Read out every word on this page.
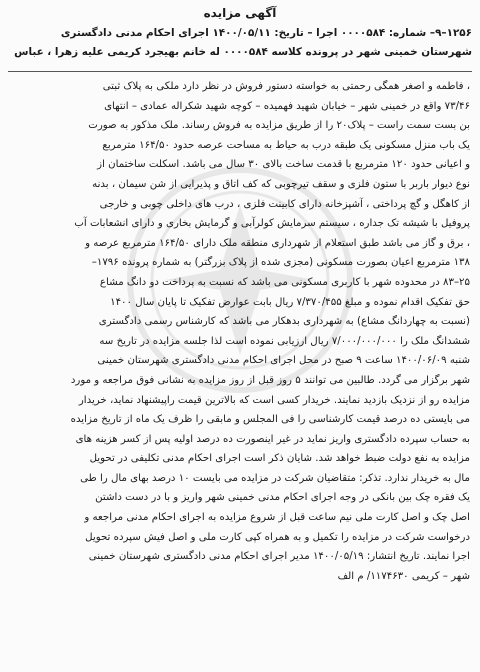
آگهی مزایده
۱۲۵۶–۹– شماره: ۰۰۰۰۵۸۴ اجرا – تاریخ: ۱۴۰۰/۰۵/۱۱ اجرای احکام مدنی دادگستری
شهرستان خمینی شهر در پرونده کلاسه ۰۰۰۰۵۸۴ له خانم بهیجرد کریمی علیه زهرا ، عباس
، فاطمه و اصغر همگی رحمتی به خواسته دستور فروش در نظر دارد ملکی به پلاک ثبتی
۷۳/۴۶ واقع در خمینی شهر – خیابان شهید فهمیده – کوچه شهید شکراله عمادی – انتهای
بن بست سمت راست – پلاک۲۰ را از طریق مزایده به فروش رساند. ملک مذکور به صورت
یک باب منزل مسکونی یک طبقه درب به حیاط به مساحت عرصه حدود ۱۶۴/۵۰ مترمربع
و اعیانی حدود ۱۲۰ مترمربع با قدمت ساخت بالای ۳۰ سال می باشد. اسکلت ساختمان از
نوع دیوار باربر با ستون فلزی و سقف تیرچوبی که کف اتاق و پذیرایی از شن سیمان ، بدنه
از کاهگل و گچ پرداختی ، آشپزخانه دارای کابینت فلزی ، درب های داخلی چوبی و خارجی
پروفیل با شیشه تک جداره ، سیستم سرمایش کولرآبی و گرمایش بخاری و دارای انشعابات آب
، برق و گاز می باشد طبق استعلام از شهرداری منطقه ملک دارای ۱۶۴/۵۰ مترمربع عرصه و
۱۳۸ مترمربع اعیان بصورت مسکونی (مجزی شده از پلاک بزرگتر) به شماره پرونده ۱۷۹۶–
۲۵–۸۳ در محدوده شهر با کاربری مسکونی می باشد که نسبت به پرداخت دو دانگ مشاع
حق تفکیک اقدام نموده و مبلغ ۷/۳۷۰/۴۵۵ ریال بابت عوارض تفکیک تا پایان سال ۱۴۰۰
(نسبت به چهاردانگ مشاع) به شهرداری بدهکار می باشد که کارشناس رسمی دادگستری
ششدانگ ملک را ۷/۰۰۰/۰۰۰/۰۰۰ ریال ارزیابی نموده است لذا جلسه مزایده در تاریخ سه
شنبه ۱۴۰۰/۰۶/۰۹ ساعت ۹ صبح در محل اجرای احکام مدنی دادگستری شهرستان خمینی
شهر برگزار می گردد. طالبین می توانند ۵ روز قبل از روز مزایده به نشانی فوق مراجعه و مورد
مزایده رو از نزدیک بازدید نمایند. خریدار کسی است که بالاترین قیمت راپیشنهاد نماید، خریدار
می بایستی ده درصد قیمت کارشناسی را فی المجلس و مابقی را ظرف یک ماه از تاریخ مزایده
به حساب سپرده دادگستری واریز نماید در غیر اینصورت ده درصد اولیه پس از کسر هزینه های
مزایده به نفع دولت ضبط خواهد شد. شایان ذکر است اجرای احکام مدنی تکلیفی در تحویل
مال به خریدار ندارد. تذکر: متقاضیان شرکت در مزایده می بایست ۱۰ درصد بهای مال را طی
یک فقره چک بین بانکی در وجه اجرای احکام مدنی خمینی شهر واریز و با در دست داشتن
اصل چک و اصل کارت ملی نیم ساعت قبل از شروع مزایده به اجرای احکام مدنی مراجعه و
درخواست شرکت در مزایده را تکمیل و به همراه کپی کارت ملی و اصل فیش سپرده تحویل
اجرا نمایند. تاریخ انتشار: ۱۴۰۰/۰۵/۱۹ مدیر اجرای احکام مدنی دادگستری شهرستان خمینی
شهر – کریمی ۱۱۷۴۶۳۰/ م الف
